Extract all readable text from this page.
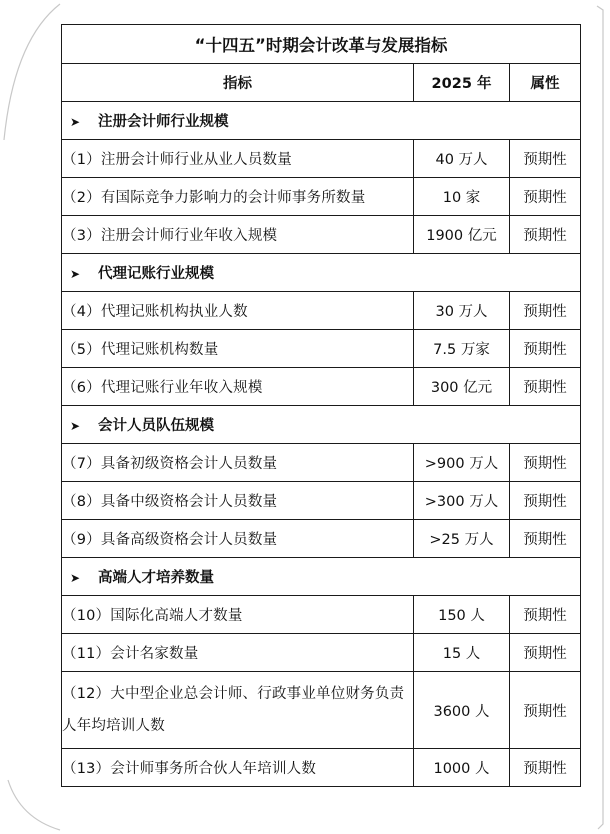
“十四五”时期会计改革与发展指标		
指标	2025 年	属性
➤ 注册会计师行业规模		
（1）注册会计师行业从业人员数量	40 万人	预期性
（2）有国际竞争力影响力的会计师事务所数量	10 家	预期性
（3）注册会计师行业年收入规模	1900 亿元	预期性
➤ 代理记账行业规模		
（4）代理记账机构执业人数	30 万人	预期性
（5）代理记账机构数量	7.5 万家	预期性
（6）代理记账行业年收入规模	300 亿元	预期性
➤ 会计人员队伍规模		
（7）具备初级资格会计人员数量	>900 万人	预期性
（8）具备中级资格会计人员数量	>300 万人	预期性
（9）具备高级资格会计人员数量	>25 万人	预期性
➤ 高端人才培养数量		
（10）国际化高端人才数量	150 人	预期性
（11）会计名家数量	15 人	预期性
（12）大中型企业总会计师、行政事业单位财务负责人年均培训人数	3600 人	预期性
（13）会计师事务所合伙人年培训人数	1000 人	预期性
